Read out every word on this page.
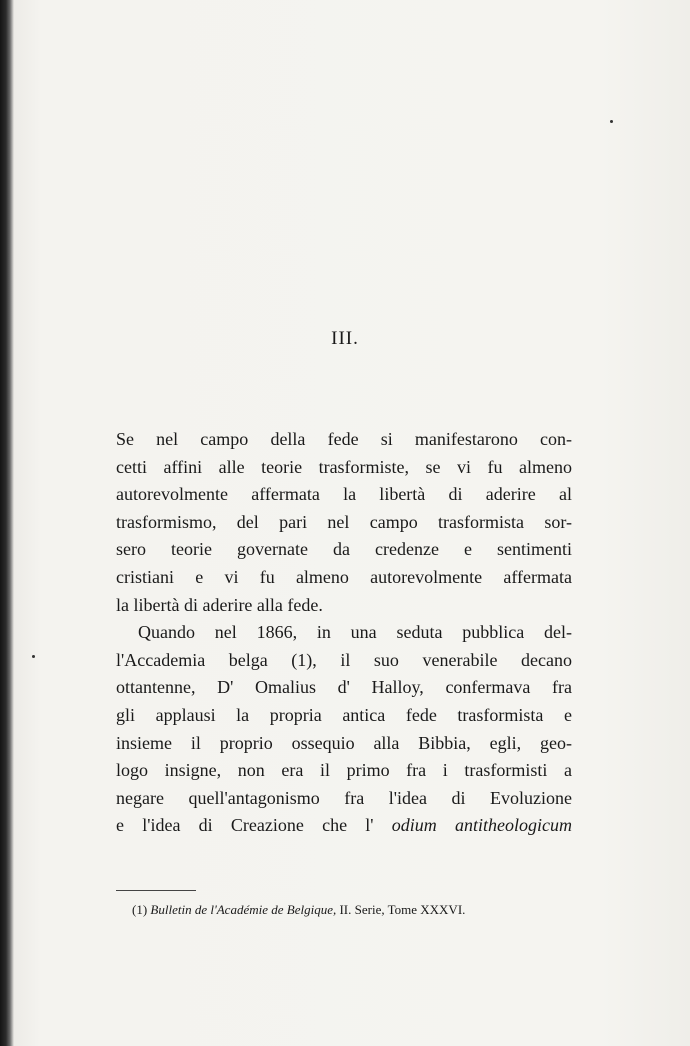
III.

Se nel campo della fede si manifestarono con-

cetti affini alle teorie trasformiste, se vi fu almeno

autorevolmente affermata la libertà di aderire al

trasformismo, del pari nel campo trasformista sor-

sero teorie governate da credenze e sentimenti

cristiani e vi fu almeno autorevolmente affermata

la libertà di aderire alla fede.

Quando nel 1866, in una seduta pubblica del-

l'Accademia belga (1), il suo venerabile decano

ottantenne, D' Omalius d' Halloy, confermava fra

gli applausi la propria antica fede trasformista e

insieme il proprio ossequio alla Bibbia, egli, geo-

logo insigne, non era il primo fra i trasformisti a

negare quell'antagonismo fra l'idea di Evoluzione

e l'idea di Creazione che l' odium antitheologicum

(1) Bulletin de l'Académie de Belgique, II. Serie, Tome XXXVI.
